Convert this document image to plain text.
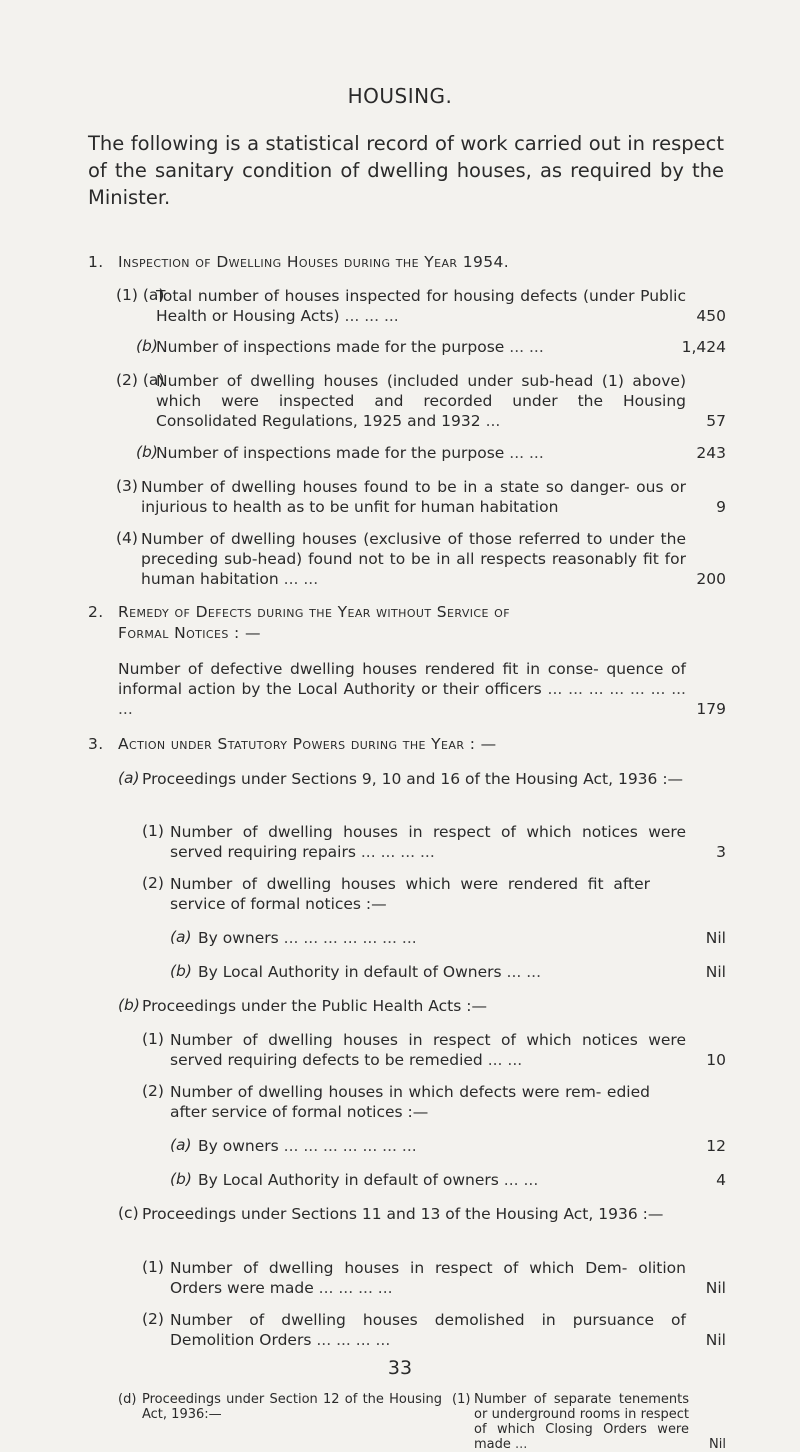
HOUSING.
The following is a statistical record of work carried out in respect of the sanitary condition of dwelling houses, as required by the Minister.
1. Inspection of Dwelling Houses during the Year 1954.
(1) (a)
Total number of houses inspected for housing defects (under Public Health or Housing Acts) ... ... ...	450
(b)
Number of inspections made for the purpose ... ...	1,424
(2) (a)
Number of dwelling houses (included under sub-head (1) above) which were inspected and recorded under the Housing Consolidated Regulations, 1925 and 1932 ...	57
(b)
Number of inspections made for the purpose ... ...	243
(3) Number of dwelling houses found to be in a state so danger- ous or injurious to health as to be unfit for human habitation	9
(4) Number of dwelling houses (exclusive of those referred to under the preceding sub-head) found not to be in all respects reasonably fit for human habitation ... ...	200
2. Remedy of Defects during the Year without Service of
Formal Notices : —
Number of defective dwelling houses rendered fit in conse- quence of informal action by the Local Authority or their officers ... ... ... ... ... ... ... ...	179
3. Action under Statutory Powers during the Year : —
(a) Proceedings under Sections 9, 10 and 16 of the Housing Act, 1936 :—
(1) Number of dwelling houses in respect of which notices were served requiring repairs ... ... ... ...	3
(2) Number of dwelling houses which were rendered fit after service of formal notices :—
(a) By owners ... ... ... ... ... ... ...	Nil
(b) By Local Authority in default of Owners ... ...	Nil
(b) Proceedings under the Public Health Acts :—
(1) Number of dwelling houses in respect of which notices were served requiring defects to be remedied ... ...	10
(2) Number of dwelling houses in which defects were rem- edied after service of formal notices :—
(a) By owners ... ... ... ... ... ... ...	12
(b) By Local Authority in default of owners ... ...	4
(c) Proceedings under Sections 11 and 13 of the Housing Act, 1936 :—
(1) Number of dwelling houses in respect of which Dem- olition Orders were made ... ... ... ...	Nil
(2) Number of dwelling houses demolished in pursuance of Demolition Orders ... ... ... ...	Nil
33
(d) Proceedings under Section 12 of the Housing Act, 1936:—
(1) Number of separate tenements or underground rooms in respect of which Closing Orders were made ...	Nil
